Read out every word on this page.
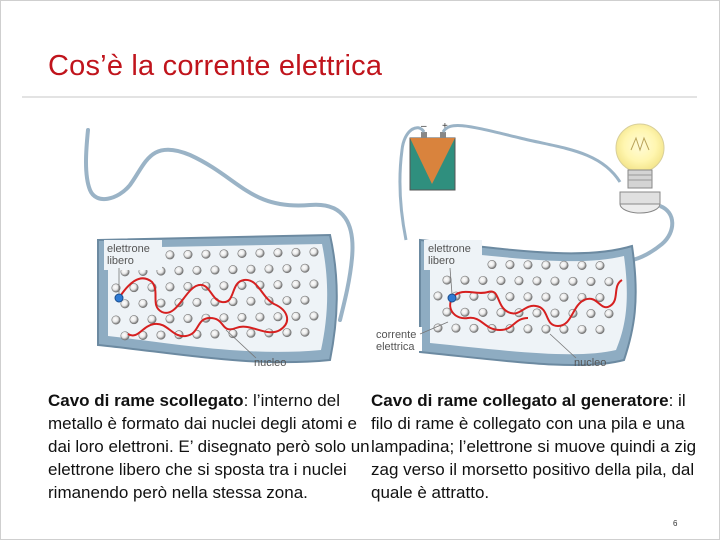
Cos’è la corrente elettrica
elettrone
libero
nucleo
– +
elettrone
libero
corrente
elettrica
nucleo
Cavo di rame scollegato: l’interno del metallo è formato dai nuclei degli atomi e dai loro elettroni. E’ disegnato però solo un elettrone libero che si sposta tra i nuclei rimanendo però nella stessa zona.
Cavo di rame collegato al generatore: il filo di rame è collegato con una pila e una lampadina; l’elettrone si muove quindi a zig zag verso il morsetto positivo della pila, dal quale è attratto.
6
